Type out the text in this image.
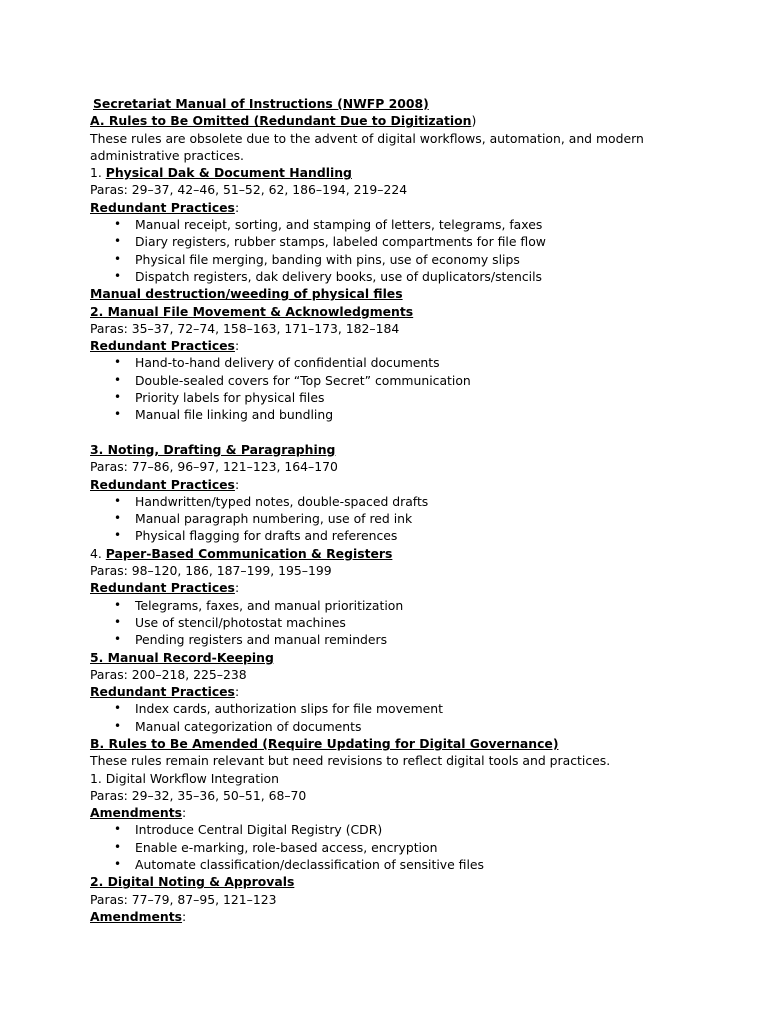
Secretariat Manual of Instructions (NWFP 2008)
A. Rules to Be Omitted (Redundant Due to Digitization)
These rules are obsolete due to the advent of digital workflows, automation, and modern administrative practices.
1. Physical Dak & Document Handling
Paras: 29–37, 42–46, 51–52, 62, 186–194, 219–224
Redundant Practices:
• Manual receipt, sorting, and stamping of letters, telegrams, faxes
• Diary registers, rubber stamps, labeled compartments for file flow
• Physical file merging, banding with pins, use of economy slips
• Dispatch registers, dak delivery books, use of duplicators/stencils
Manual destruction/weeding of physical files
2. Manual File Movement & Acknowledgments
Paras: 35–37, 72–74, 158–163, 171–173, 182–184
Redundant Practices:
• Hand-to-hand delivery of confidential documents
• Double-sealed covers for “Top Secret” communication
• Priority labels for physical files
• Manual file linking and bundling
3. Noting, Drafting & Paragraphing
Paras: 77–86, 96–97, 121–123, 164–170
Redundant Practices:
• Handwritten/typed notes, double-spaced drafts
• Manual paragraph numbering, use of red ink
• Physical flagging for drafts and references
4. Paper-Based Communication & Registers
Paras: 98–120, 186, 187–199, 195–199
Redundant Practices:
• Telegrams, faxes, and manual prioritization
• Use of stencil/photostat machines
• Pending registers and manual reminders
5. Manual Record-Keeping
Paras: 200–218, 225–238
Redundant Practices:
• Index cards, authorization slips for file movement
• Manual categorization of documents
B. Rules to Be Amended (Require Updating for Digital Governance)
These rules remain relevant but need revisions to reflect digital tools and practices.
1. Digital Workflow Integration
Paras: 29–32, 35–36, 50–51, 68–70
Amendments:
• Introduce Central Digital Registry (CDR)
• Enable e-marking, role-based access, encryption
• Automate classification/declassification of sensitive files
2. Digital Noting & Approvals
Paras: 77–79, 87–95, 121–123
Amendments:
